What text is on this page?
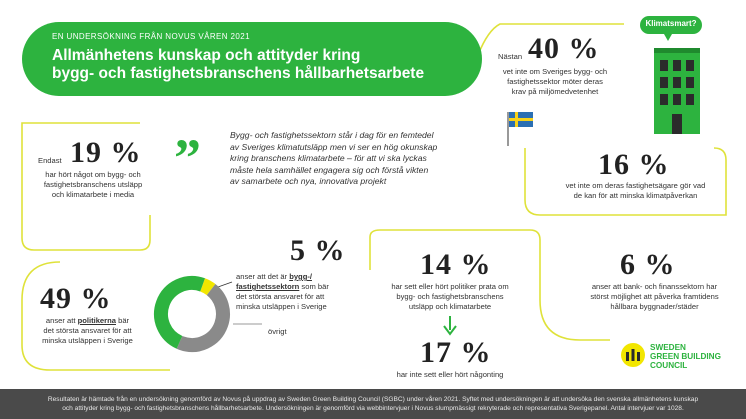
”
EN UNDERSÖKNING FRÅN NOVUS VÅREN 2021
Allmänhetens kunskap och attityder kring
bygg- och fastighetsbranschens hållbarhetsarbete
Nästan 40 %
vet inte om Sveriges bygg- och
fastighetssektor möter deras
krav på miljömedvetenhet
Klimatsmart?
Endast 19 %
har hört något om bygg- och
fastighetsbranschens utsläpp
och klimatarbete i media
Bygg- och fastighetssektorn står i dag för en femtedel
av Sveriges klimatutsläpp men vi ser en hög okunskap
kring branschens klimatarbete – för att vi ska lyckas
måste hela samhället engagera sig och förstå vikten
av samarbete och nya, innovativa projekt
16 %
vet inte om deras fastighetsägare gör vad
de kan för att minska klimatpåverkan
5 %
anser att det är bygg-/
fastighetssektorn som bär
det största ansvaret för att
minska utsläppen i Sverige
övrigt
49 %
anser att politikerna bär
det största ansvaret för att
minska utsläppen i Sverige
14 %
har sett eller hört politiker prata om
bygg- och fastighetsbranschens
utsläpp och klimatarbete
17 %
har inte sett eller hört någonting
6 %
anser att bank- och finanssektorn har
störst möjlighet att påverka framtidens
hållbara byggnader/städer
SWEDEN
GREEN BUILDING
COUNCIL
Resultaten är hämtade från en undersökning genomförd av Novus på uppdrag av Sweden Green Building Council (SGBC) under våren 2021. Syftet med undersökningen är att undersöka den svenska allmänhetens kunskap
och attityder kring bygg- och fastighetsbranschens hållbarhetsarbete. Undersökningen är genomförd via webbintervjuer i Novus slumpmässigt rekryterade och representativa Sverigepanel. Antal intervjuer var 1028.
